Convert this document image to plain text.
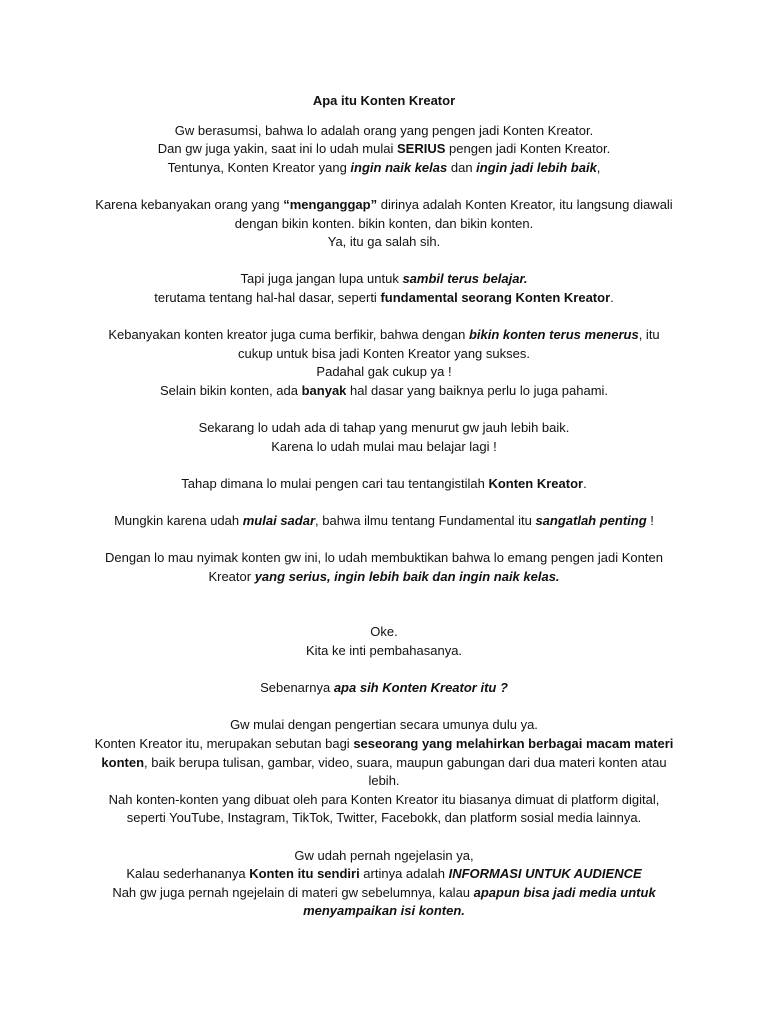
Apa itu Konten Kreator

Gw berasumsi, bahwa lo adalah orang yang pengen jadi Konten Kreator.

Dan gw juga yakin, saat ini lo udah mulai SERIUS pengen jadi Konten Kreator.

Tentunya, Konten Kreator yang ingin naik kelas dan ingin jadi lebih baik,

Karena kebanyakan orang yang “menganggap” dirinya adalah Konten Kreator, itu langsung diawali dengan bikin konten. bikin konten, dan bikin konten.

Ya, itu ga salah sih.

Tapi juga jangan lupa untuk sambil terus belajar.

terutama tentang hal-hal dasar, seperti fundamental seorang Konten Kreator.

Kebanyakan konten kreator juga cuma berfikir, bahwa dengan bikin konten terus menerus, itu cukup untuk bisa jadi Konten Kreator yang sukses.

Padahal gak cukup ya !

Selain bikin konten, ada banyak hal dasar yang baiknya perlu lo juga pahami.

Sekarang lo udah ada di tahap yang menurut gw jauh lebih baik.

Karena lo udah mulai mau belajar lagi !

Tahap dimana lo mulai pengen cari tau tentangistilah Konten Kreator.

Mungkin karena udah mulai sadar, bahwa ilmu tentang Fundamental itu sangatlah penting !

Dengan lo mau nyimak konten gw ini, lo udah membuktikan bahwa lo emang pengen jadi Konten Kreator yang serius, ingin lebih baik dan ingin naik kelas.

Oke.

Kita ke inti pembahasanya.

Sebenarnya apa sih Konten Kreator itu ?

Gw mulai dengan pengertian secara umunya dulu ya.

Konten Kreator itu, merupakan sebutan bagi seseorang yang melahirkan berbagai macam materi konten, baik berupa tulisan, gambar, video, suara, maupun gabungan dari dua materi konten atau lebih.

Nah konten-konten yang dibuat oleh para Konten Kreator itu biasanya dimuat di platform digital, seperti YouTube, Instagram, TikTok, Twitter, Facebokk, dan platform sosial media lainnya.

Gw udah pernah ngejelasin ya,

Kalau sederhananya Konten itu sendiri artinya adalah INFORMASI UNTUK AUDIENCE

Nah gw juga pernah ngejelain di materi gw sebelumnya, kalau apapun bisa jadi media untuk menyampaikan isi konten.
